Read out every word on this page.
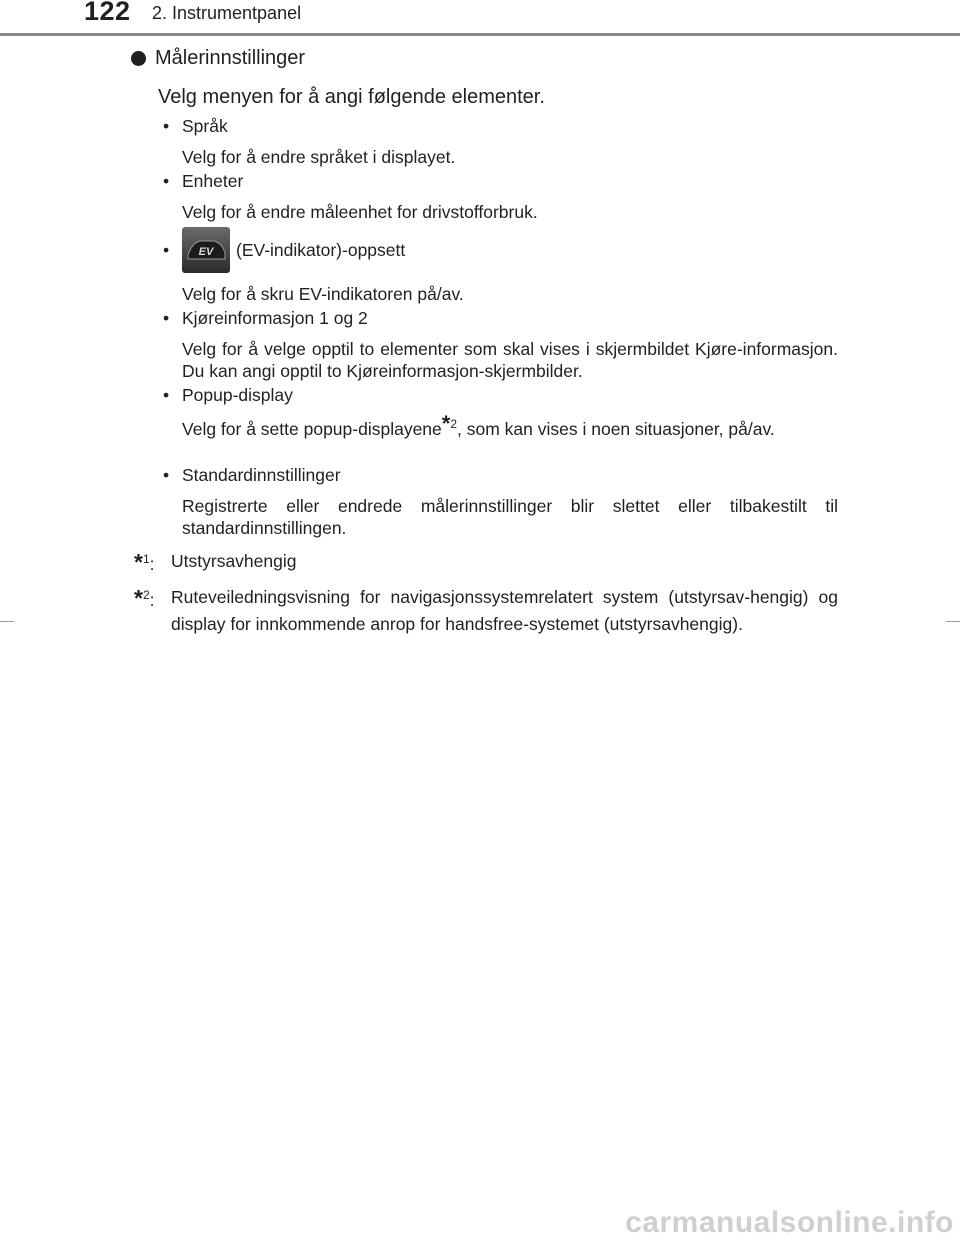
122 2. Instrumentpanel
Målerinnstillinger
Velg menyen for å angi følgende elementer.
• Språk
Velg for å endre språket i displayet.
• Enheter
Velg for å endre måleenhet for drivstofforbruk.
•	EV (EV-indikator)-oppsett
Velg for å skru EV-indikatoren på/av.
• Kjøreinformasjon 1 og 2
Velg for å velge opptil to elementer som skal vises i skjermbildet Kjøre-informasjon. Du kan angi opptil to Kjøreinformasjon-skjermbilder.
• Popup-display
Velg for å sette popup-displayene$^{*2}$, som kan vises i noen situasjoner, på/av.
• Standardinnstillinger
Registrerte eller endrede målerinnstillinger blir slettet eller tilbakestilt til standardinnstillingen.
*$^1$: Utstyrsavhengig
*$^2$: Ruteveiledningsvisning for navigasjonssystemrelatert system (utstyrsav-hengig) og display for innkommende anrop for handsfree-systemet (utstyrsavhengig).
carmanualsonline.info
